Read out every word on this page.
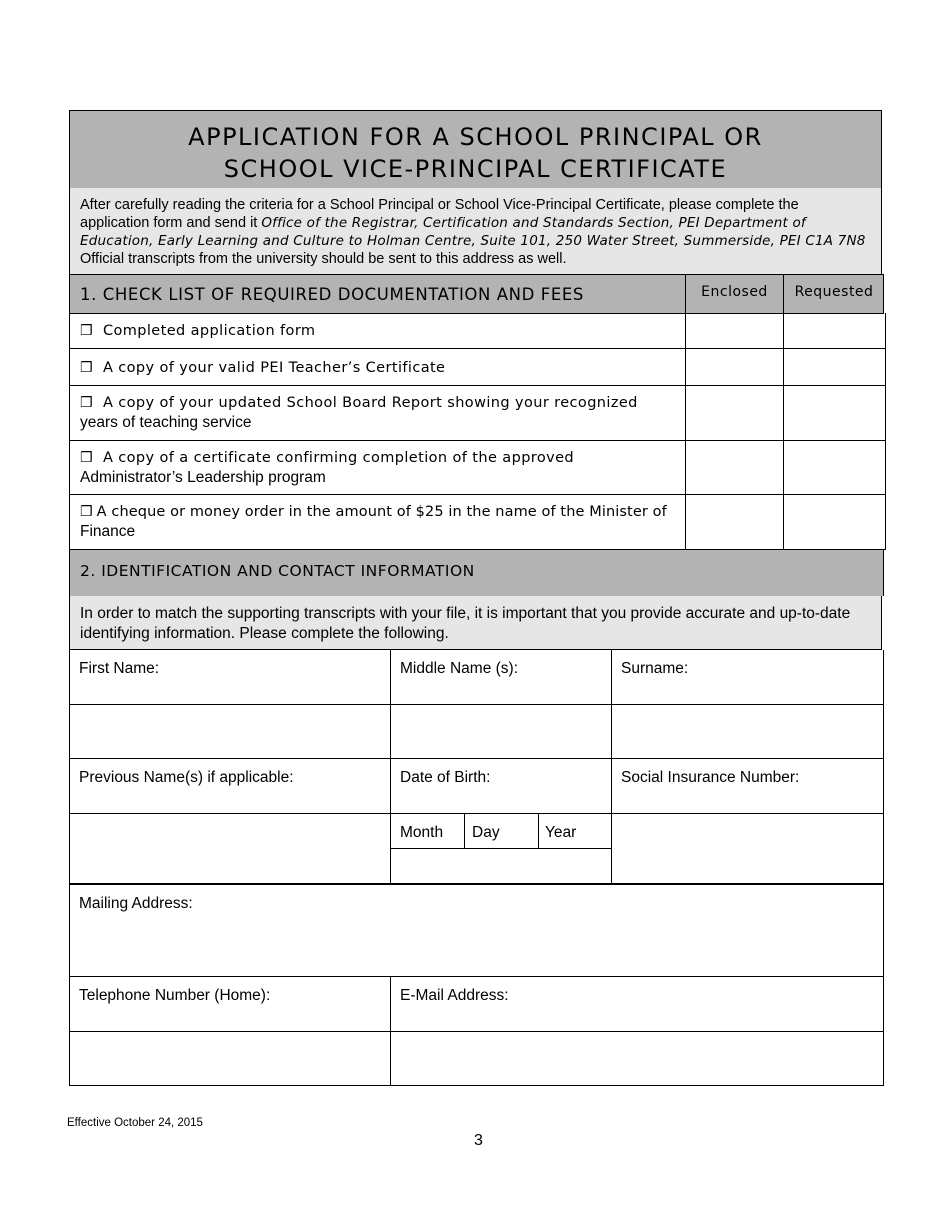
APPLICATION FOR A SCHOOL PRINCIPAL OR
SCHOOL VICE-PRINCIPAL CERTIFICATE
After carefully reading the criteria for a School Principal or School Vice-Principal Certificate, please complete the application form and send it Office of the Registrar, Certification and Standards Section, PEI Department of Education, Early Learning and Culture to Holman Centre, Suite 101, 250 Water Street, Summerside, PEI C1A 7N8 Official transcripts from the university should be sent to this address as well.
1. CHECK LIST OF REQUIRED DOCUMENTATION AND FEES	Enclosed	Requested
❒ Completed application form
❒ A copy of your valid PEI Teacher’s Certificate
❒ A copy of your updated School Board Report showing your recognized
years of teaching service
❒ A copy of a certificate confirming completion of the approved
Administrator’s Leadership program
❒ A cheque or money order in the amount of $25 in the name of the Minister of
Finance
2. IDENTIFICATION AND CONTACT INFORMATION
In order to match the supporting transcripts with your file, it is important that you provide accurate and up-to-date identifying information. Please complete the following.
First Name:	Middle Name (s):	Surname:
Previous Name(s) if applicable:	Date of Birth:	Social Insurance Number:
Month Day	Year
Mailing Address:
Telephone Number (Home):	E-Mail Address:
Effective October 24, 2015
3
